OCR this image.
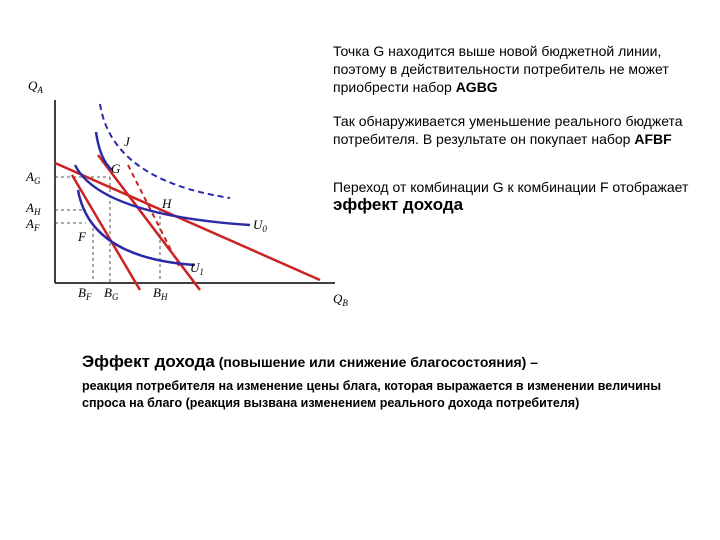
$Q_A$
$Q_B$
$A_G$
$A_H$
$A_F$
$B_F$ $B_G$	$B_H$
J
G
H
F
$U_0$
$U_1$
Точка G находится выше новой бюджетной линии, поэтому в действительности потребитель не может приобрести набор AGBG
Так обнаруживается уменьшение реального бюджета потребителя. В результате он покупает набор AFBF
Переход от комбинации G к комбинации F отображает эффект дохода
Эффект дохода (повышение или снижение благосостояния) –
реакция потребителя на изменение цены блага, которая выражается в изменении величины спроса на благо (реакция вызвана изменением реального дохода потребителя)
